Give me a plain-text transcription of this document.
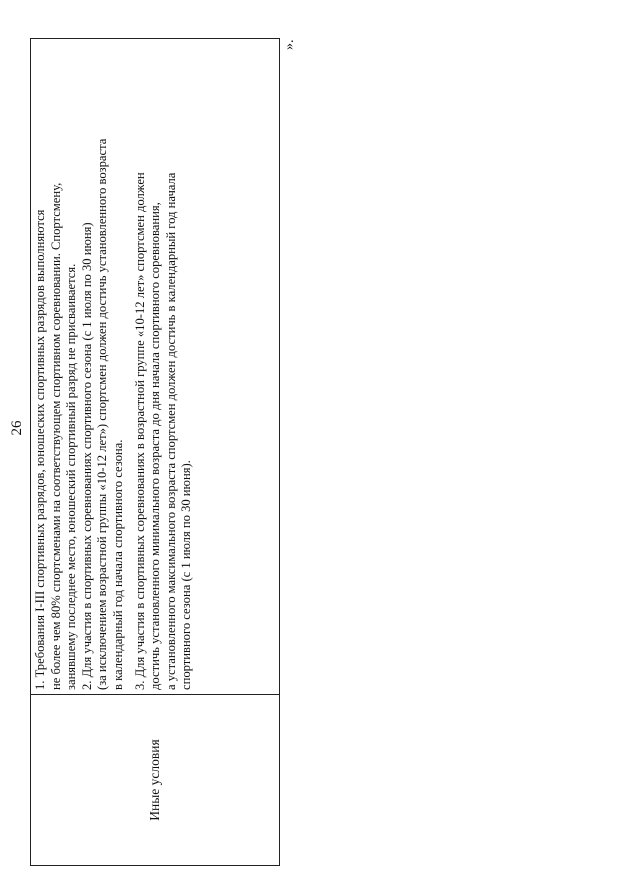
26
Иные условия	

1. Требования I-III спортивных разрядов, юношеских спортивных разрядов выполняются не более чем 80% спортсменами на соответствующем спортивном соревновании. Спортсмену, занявшему последнее место, юношеский спортивный разряд не присваивается. 2. Для участия в спортивных соревнованиях спортивного сезона (с 1 июля по 30 июня) (за исключением возрастной группы «10-12 лет») спортсмен должен достичь установленного возраста в календарный год начала спортивного сезона. 3. Для участия в спортивных соревнованиях в возрастной группе «10-12 лет» спортсмен должен достичь установленного минимального возраста до дня начала спортивного соревнования, а установленного максимального возраста спортсмен должен достичь в календарный год начала спортивного сезона (с 1 июля по 30 июня).

».
